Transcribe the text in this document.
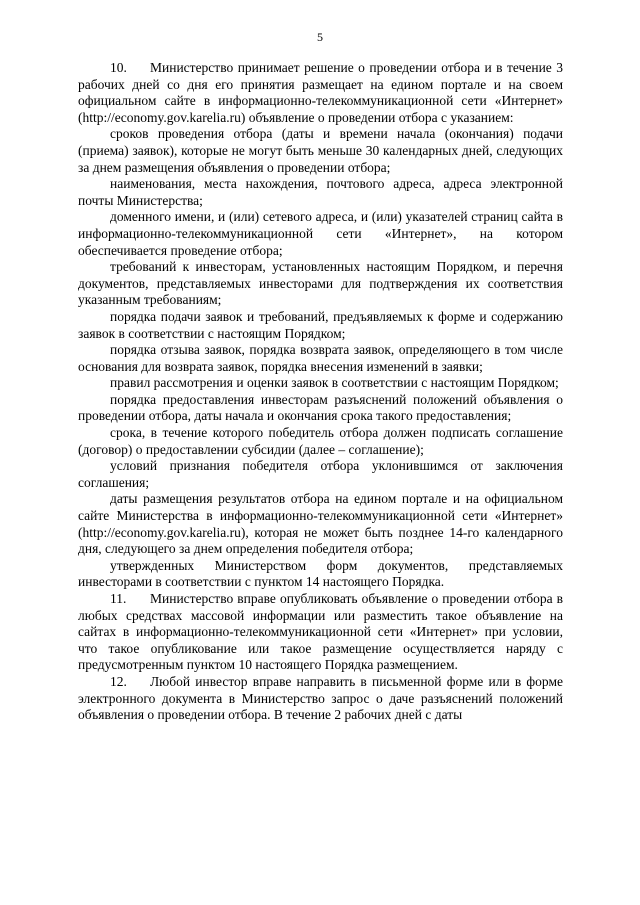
5

10. Министерство принимает решение о проведении отбора и в течение 3 рабочих дней со дня его принятия размещает на едином портале и на своем официальном сайте в информационно-телекоммуникационной сети «Интернет» (http://economy.gov.karelia.ru) объявление о проведении отбора с указанием:

сроков проведения отбора (даты и времени начала (окончания) подачи (приема) заявок), которые не могут быть меньше 30 календарных дней, следующих за днем размещения объявления о проведении отбора;

наименования, места нахождения, почтового адреса, адреса электронной почты Министерства;

доменного имени, и (или) сетевого адреса, и (или) указателей страниц сайта в информационно-телекоммуникационной сети «Интернет», на котором обеспечивается проведение отбора;

требований к инвесторам, установленных настоящим Порядком, и перечня документов, представляемых инвесторами для подтверждения их соответствия указанным требованиям;

порядка подачи заявок и требований, предъявляемых к форме и содержанию заявок в соответствии с настоящим Порядком;

порядка отзыва заявок, порядка возврата заявок, определяющего в том числе основания для возврата заявок, порядка внесения изменений в заявки;

правил рассмотрения и оценки заявок в соответствии с настоящим Порядком;

порядка предоставления инвесторам разъяснений положений объявления о проведении отбора, даты начала и окончания срока такого предоставления;

срока, в течение которого победитель отбора должен подписать соглашение (договор) о предоставлении субсидии (далее – соглашение);

условий признания победителя отбора уклонившимся от заключения соглашения;

даты размещения результатов отбора на едином портале и на официальном сайте Министерства в информационно-телекоммуникационной сети «Интернет» (http://economy.gov.karelia.ru), которая не может быть позднее 14-го календарного дня, следующего за днем определения победителя отбора;

утвержденных Министерством форм документов, представляемых инвесторами в соответствии с пунктом 14 настоящего Порядка.

11. Министерство вправе опубликовать объявление о проведении отбора в любых средствах массовой информации или разместить такое объявление на сайтах в информационно-телекоммуникационной сети «Интернет» при условии, что такое опубликование или такое размещение осуществляется наряду с предусмотренным пунктом 10 настоящего Порядка размещением.

12. Любой инвестор вправе направить в письменной форме или в форме электронного документа в Министерство запрос о даче разъяснений положений объявления о проведении отбора. В течение 2 рабочих дней с даты
